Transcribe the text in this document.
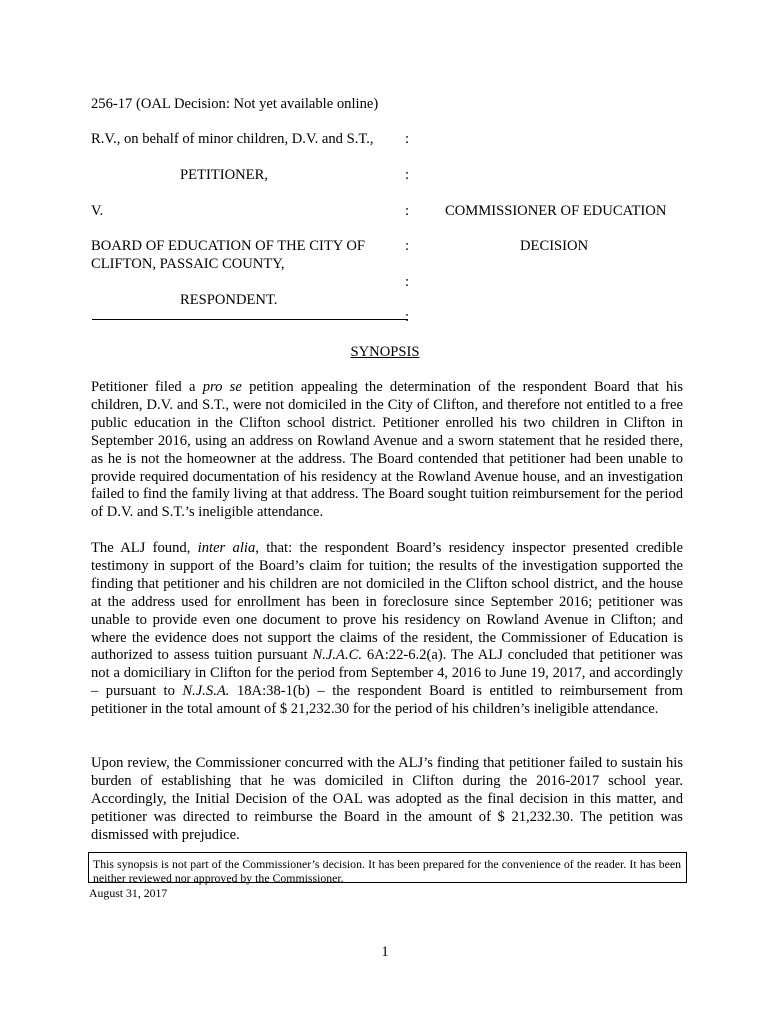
256-17 (OAL Decision: Not yet available online)
R.V., on behalf of minor children, D.V. and S.T., :
PETITIONER,	:
V.	: COMMISSIONER OF EDUCATION
BOARD OF EDUCATION OF THE CITY OF	:	DECISION
CLIFTON, PASSAIC COUNTY,
:
RESPONDENT.
:
SYNOPSIS

Petitioner filed a pro se petition appealing the determination of the respondent Board that his children, D.V. and S.T., were not domiciled in the City of Clifton, and therefore not entitled to a free public education in the Clifton school district. Petitioner enrolled his two children in Clifton in September 2016, using an address on Rowland Avenue and a sworn statement that he resided there, as he is not the homeowner at the address. The Board contended that petitioner had been unable to provide required documentation of his residency at the Rowland Avenue house, and an investigation failed to find the family living at that address. The Board sought tuition reimbursement for the period of D.V. and S.T.’s ineligible attendance.

The ALJ found, inter alia, that: the respondent Board’s residency inspector presented credible testimony in support of the Board’s claim for tuition; the results of the investigation supported the finding that petitioner and his children are not domiciled in the Clifton school district, and the house at the address used for enrollment has been in foreclosure since September 2016; petitioner was unable to provide even one document to prove his residency on Rowland Avenue in Clifton; and where the evidence does not support the claims of the resident, the Commissioner of Education is authorized to assess tuition pursuant N.J.A.C. 6A:22-6.2(a). The ALJ concluded that petitioner was not a domiciliary in Clifton for the period from September 4, 2016 to June 19, 2017, and accordingly – pursuant to N.J.S.A. 18A:38-1(b) – the respondent Board is entitled to reimbursement from petitioner in the total amount of $ 21,232.30 for the period of his children’s ineligible attendance.

Upon review, the Commissioner concurred with the ALJ’s finding that petitioner failed to sustain his burden of establishing that he was domiciled in Clifton during the 2016-2017 school year. Accordingly, the Initial Decision of the OAL was adopted as the final decision in this matter, and petitioner was directed to reimburse the Board in the amount of $ 21,232.30. The petition was dismissed with prejudice.

This synopsis is not part of the Commissioner’s decision. It has been prepared for the convenience of the reader. It has been neither reviewed nor approved by the Commissioner.
August 31, 2017
1
